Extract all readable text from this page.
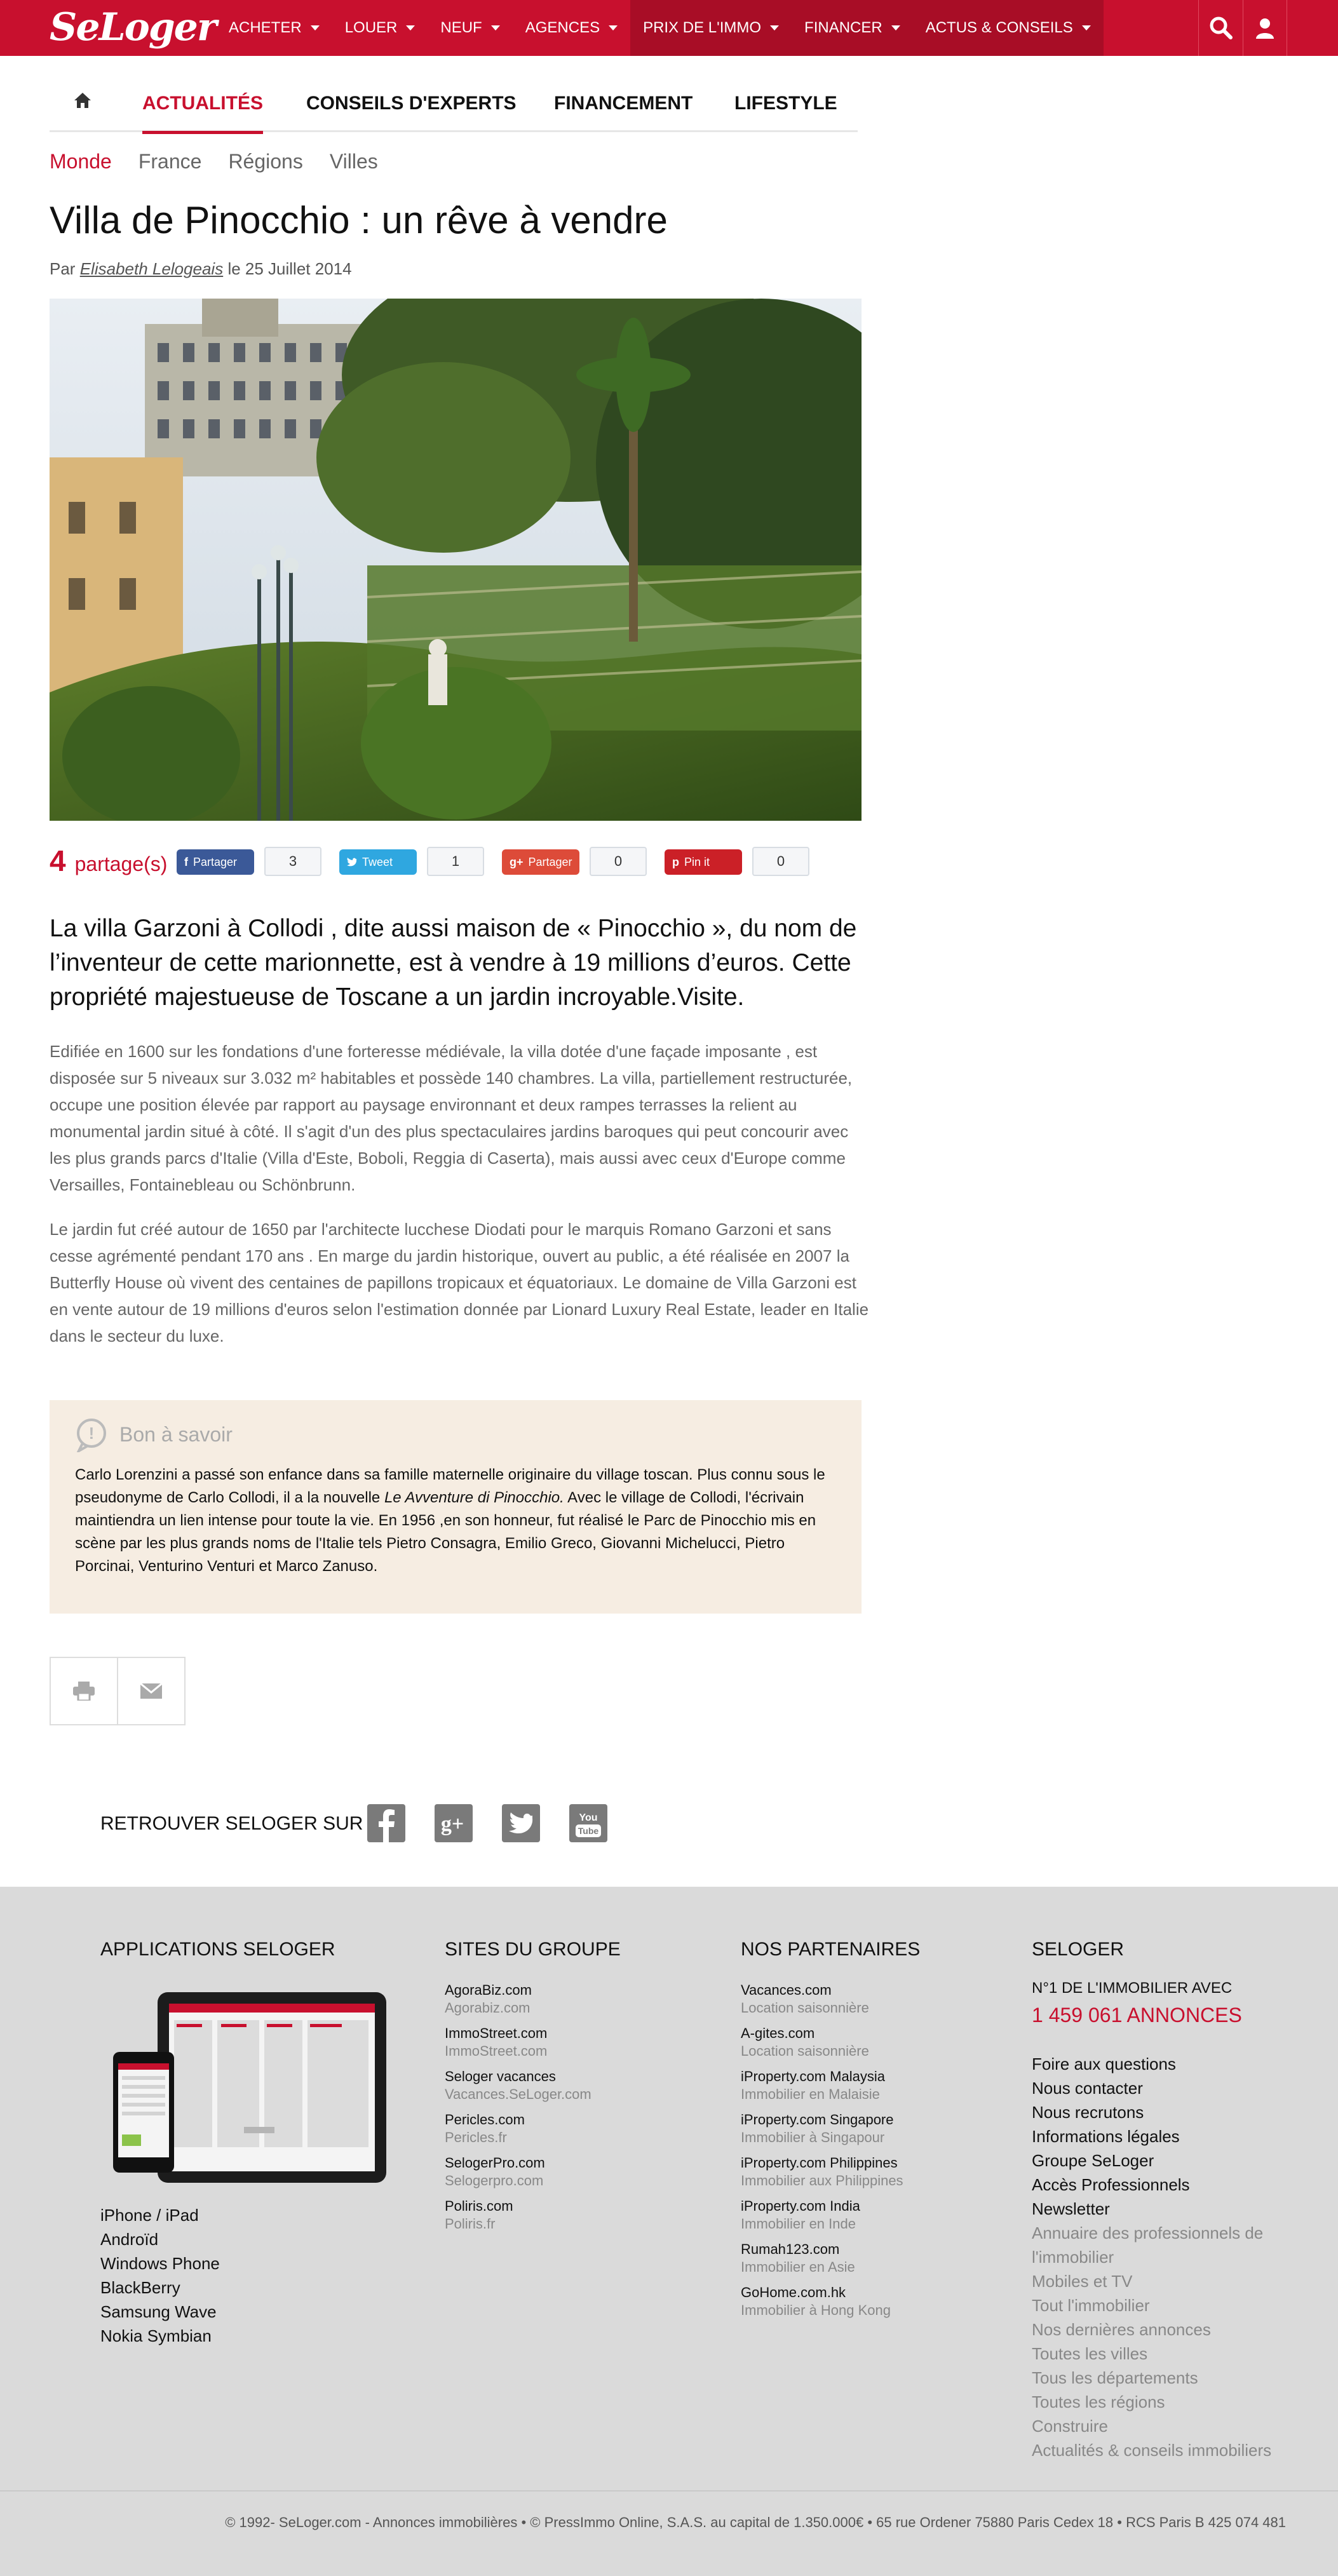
SeLoger ACHETER	LOUER	NEUF	AGENCES	PRIX DE L'IMMO	FINANCER	ACTUS & CONSEILS
ACTUALITÉS CONSEILS D'EXPERTS FINANCEMENT LIFESTYLE
Monde France Régions Villes
Villa de Pinocchio : un rêve à vendre
Par Elisabeth Lelogeais le 25 Juillet 2014
4 partage(s) f Partager	3	Tweet	1	g+ Partager	0	p Pin it	0

La villa Garzoni à Collodi , dite aussi maison de « Pinocchio », du nom de l’inventeur de cette marionnette, est à vendre à 19 millions d’euros. Cette propriété majestueuse de Toscane a un jardin incroyable.Visite.

Edifiée en 1600 sur les fondations d'une forteresse médiévale, la villa dotée d'une façade imposante , est disposée sur 5 niveaux sur 3.032 m² habitables et possède 140 chambres. La villa, partiellement restructurée, occupe une position élevée par rapport au paysage environnant et deux rampes terrasses la relient au monumental jardin situé à côté. Il s'agit d'un des plus spectaculaires jardins baroques qui peut concourir avec les plus grands parcs d'Italie (Villa d'Este, Boboli, Reggia di Caserta), mais aussi avec ceux d'Europe comme Versailles, Fontainebleau ou Schönbrunn.

Le jardin fut créé autour de 1650 par l'architecte lucchese Diodati pour le marquis Romano Garzoni et sans cesse agrémenté pendant 170 ans . En marge du jardin historique, ouvert au public, a été réalisée en 2007 la Butterfly House où vivent des centaines de papillons tropicaux et équatoriaux. Le domaine de Villa Garzoni est en vente autour de 19 millions d'euros selon l'estimation donnée par Lionard Luxury Real Estate, leader en Italie dans le secteur du luxe.

! Bon à savoir

Carlo Lorenzini a passé son enfance dans sa famille maternelle originaire du village toscan. Plus connu sous le pseudonyme de Carlo Collodi, il a la nouvelle Le Avventure di Pinocchio. Avec le village de Collodi, l'écrivain maintiendra un lien intense pour toute la vie. En 1956 ,en son honneur, fut réalisé le Parc de Pinocchio mis en scène par les plus grands noms de l'Italie tels Pietro Consagra, Emilio Greco, Giovanni Michelucci, Pietro Porcinai, Venturino Venturi et Marco Zanuso.

RETROUVER SELOGER SUR	g+	You
Tube
APPLICATIONS SELOGER
iPhone / iPad
Androïd
Windows Phone
BlackBerry
Samsung Wave
Nokia Symbian
SITES DU GROUPE
AgoraBiz.com
Agorabiz.com
ImmoStreet.com
ImmoStreet.com
Seloger vacances
Vacances.SeLoger.com
Pericles.com
Pericles.fr
SelogerPro.com
Selogerpro.com
Poliris.com
Poliris.fr
NOS PARTENAIRES
Vacances.com
Location saisonnière
A-gites.com
Location saisonnière
iProperty.com Malaysia
Immobilier en Malaisie
iProperty.com Singapore
Immobilier à Singapour
iProperty.com Philippines
Immobilier aux Philippines
iProperty.com India
Immobilier en Inde
Rumah123.com
Immobilier en Asie
GoHome.com.hk
Immobilier à Hong Kong
SELOGER
N°1 DE L'IMMOBILIER AVEC
1 459 061 ANNONCES
Foire aux questions
Nous contacter
Nous recrutons
Informations légales
Groupe SeLoger
Accès Professionnels
Newsletter
Annuaire des professionnels de
l'immobilier
Mobiles et TV
Tout l'immobilier
Nos dernières annonces
Toutes les villes
Tous les départements
Toutes les régions
Construire
Actualités & conseils immobiliers
© 1992- SeLoger.com - Annonces immobilières • © PressImmo Online, S.A.S. au capital de 1.350.000€ • 65 rue Ordener 75880 Paris Cedex 18 • RCS Paris B 425 074 481
